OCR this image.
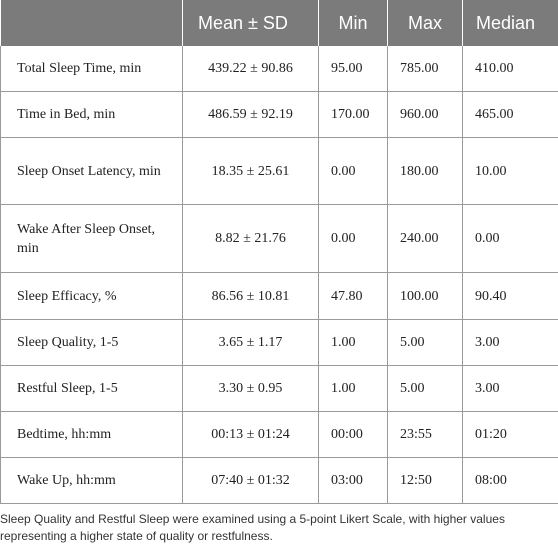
	Mean ± SD	Min	Max	Median
Total Sleep Time, min	439.22 ± 90.86	95.00	785.00	410.00
Time in Bed, min	486.59 ± 92.19	170.00	960.00	465.00
Sleep Onset Latency, min	18.35 ± 25.61	0.00	180.00	10.00
Wake After Sleep Onset, min	8.82 ± 21.76	0.00	240.00	0.00
Sleep Efficacy, %	86.56 ± 10.81	47.80	100.00	90.40
Sleep Quality, 1-5	3.65 ± 1.17	1.00	5.00	3.00
Restful Sleep, 1-5	3.30 ± 0.95	1.00	5.00	3.00
Bedtime, hh:mm	00:13 ± 01:24	00:00	23:55	01:20
Wake Up, hh:mm	07:40 ± 01:32	03:00	12:50	08:00
Sleep Quality and Restful Sleep were examined using a 5-point Likert Scale, with higher values representing a higher state of quality or restfulness.
